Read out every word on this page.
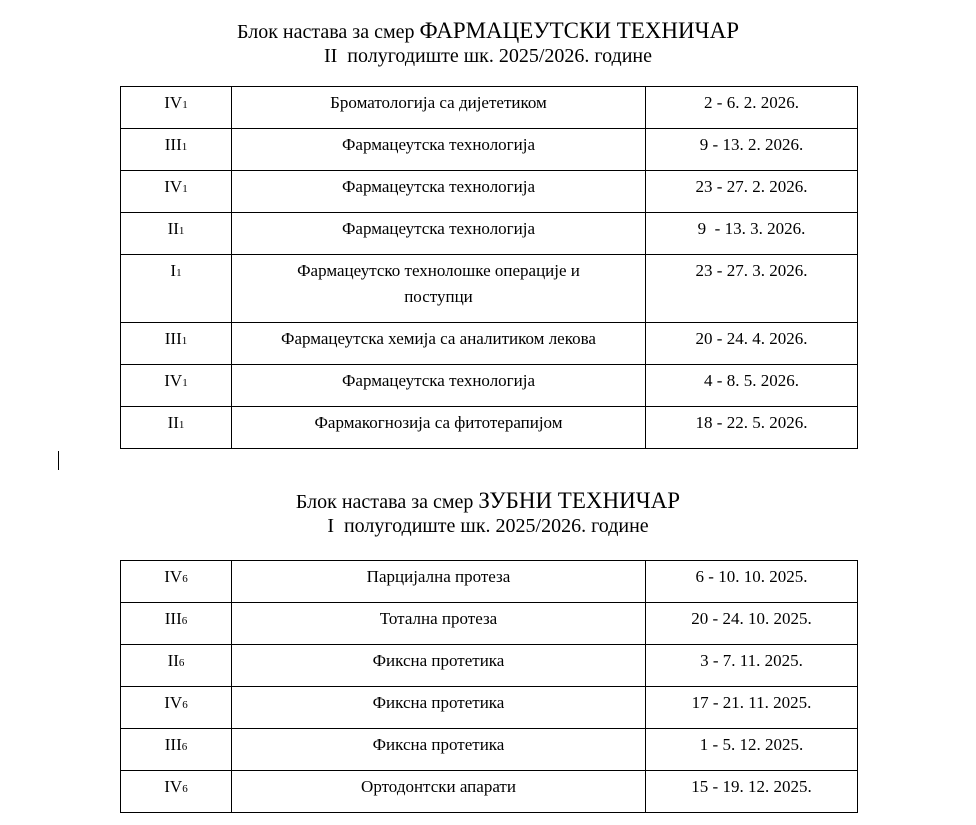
Блок настава за смер ФАРМАЦЕУТСКИ ТЕХНИЧАР
II  полугодиште шк. 2025/2026. године
IV1	Броматологија са дијететиком	2 - 6. 2. 2026.
III1	Фармацеутска технологија	9 - 13. 2. 2026.
IV1	Фармацеутска технологија	23 - 27. 2. 2026.
II1	Фармацеутска технологија	9  - 13. 3. 2026.
I1	Фармацеутско технолошке операције и поступци	23 - 27. 3. 2026.
III1	Фармацеутска хемија са аналитиком лекова	20 - 24. 4. 2026.
IV1	Фармацеутска технологија	4 - 8. 5. 2026.
II1	Фармакогнозија са фитотерапијом	18 - 22. 5. 2026.
Блок настава за смер ЗУБНИ ТЕХНИЧАР
I  полугодиште шк. 2025/2026. године
IV6	Парцијална протеза	6 - 10. 10. 2025.
III6	Тотална протеза	20 - 24. 10. 2025.
II6	Фиксна протетика	3 - 7. 11. 2025.
IV6	Фиксна протетика	17 - 21. 11. 2025.
III6	Фиксна протетика	1 - 5. 12. 2025.
IV6	Ортодонтски апарати	15 - 19. 12. 2025.
